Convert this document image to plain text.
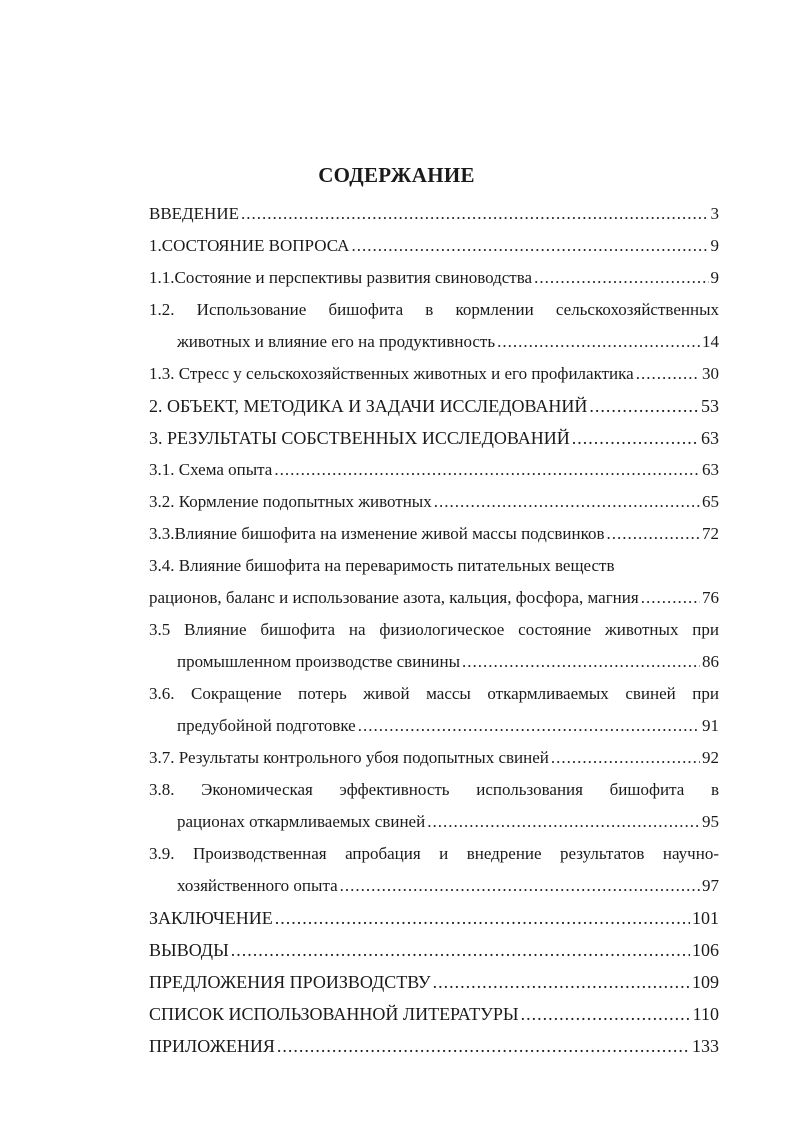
СОДЕРЖАНИЕ
ВВЕДЕНИЕ .....	3
1.СОСТОЯНИЕ ВОПРОСА .....	9
1.1.Состояние и перспективы развития свиноводства .....	9
1.2. Использование бишофита в кормлении сельскохозяйственных
животных и влияние его на продуктивность .....	14
1.3. Стресс у сельскохозяйственных животных и его профилактика .....	30
2. ОБЪЕКТ, МЕТОДИКА И ЗАДАЧИ ИССЛЕДОВАНИЙ .....	53
3. РЕЗУЛЬТАТЫ СОБСТВЕННЫХ ИССЛЕДОВАНИЙ .....	63
3.1. Схема опыта .....	63
3.2. Кормление подопытных животных .....	65
3.3.Влияние бишофита на изменение живой массы подсвинков .....	72
3.4. Влияние бишофита на переваримость питательных веществ
рационов, баланс и использование азота, кальция, фосфора, магния .....	76
3.5 Влияние бишофита на физиологическое состояние животных при
промышленном производстве свинины .....	86
3.6. Сокращение потерь живой массы откармливаемых свиней при
предубойной подготовке .....	91
3.7. Результаты контрольного убоя подопытных свиней .....	92
3.8. Экономическая эффективность использования бишофита в
рационах откармливаемых свиней .....	95
3.9. Производственная апробация и внедрение результатов научно-
хозяйственного опыта .....	97
ЗАКЛЮЧЕНИЕ .....	101
ВЫВОДЫ .....	106
ПРЕДЛОЖЕНИЯ ПРОИЗВОДСТВУ .....	109
СПИСОК ИСПОЛЬЗОВАННОЙ ЛИТЕРАТУРЫ .....	110
ПРИЛОЖЕНИЯ .....	133
